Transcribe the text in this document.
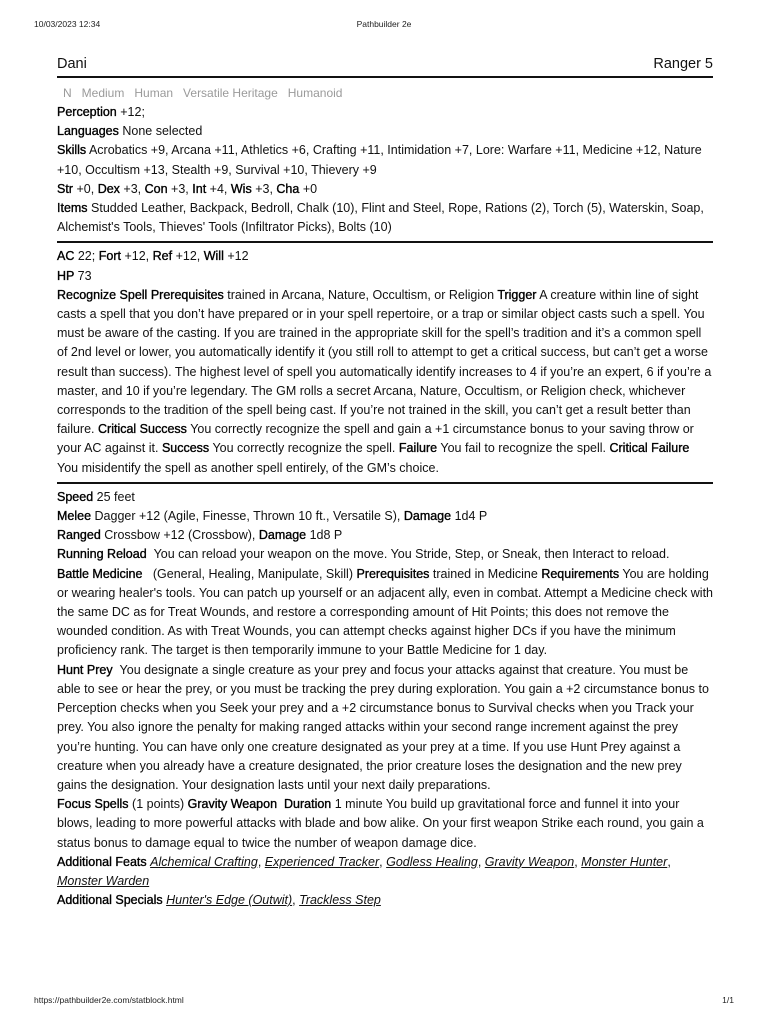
10/03/2023 12:34	Pathbuilder 2e
Dani	Ranger 5
N Medium Human Versatile Heritage Humanoid
Perception +12;
Languages None selected
Skills Acrobatics +9, Arcana +11, Athletics +6, Crafting +11, Intimidation +7, Lore: Warfare +11, Medicine +12, Nature +10, Occultism +13, Stealth +9, Survival +10, Thievery +9
Str +0, Dex +3, Con +3, Int +4, Wis +3, Cha +0
Items Studded Leather, Backpack, Bedroll, Chalk (10), Flint and Steel, Rope, Rations (2), Torch (5), Waterskin, Soap, Alchemist's Tools, Thieves' Tools (Infiltrator Picks), Bolts (10)
AC 22; Fort +12, Ref +12, Will +12
HP 73
Recognize Spell Prerequisites trained in Arcana, Nature, Occultism, or Religion Trigger A creature within line of sight casts a spell that you don’t have prepared or in your spell repertoire, or a trap or similar object casts such a spell. You must be aware of the casting. If you are trained in the appropriate skill for the spell’s tradition and it’s a common spell of 2nd level or lower, you automatically identify it (you still roll to attempt to get a critical success, but can’t get a worse result than success). The highest level of spell you automatically identify increases to 4 if you’re an expert, 6 if you’re a master, and 10 if you’re legendary. The GM rolls a secret Arcana, Nature, Occultism, or Religion check, whichever corresponds to the tradition of the spell being cast. If you’re not trained in the skill, you can’t get a result better than failure. Critical Success You correctly recognize the spell and gain a +1 circumstance bonus to your saving throw or your AC against it. Success You correctly recognize the spell. Failure You fail to recognize the spell. Critical Failure You misidentify the spell as another spell entirely, of the GM’s choice.
Speed 25 feet
Melee Dagger +12 (Agile, Finesse, Thrown 10 ft., Versatile S), Damage 1d4 P
Ranged Crossbow +12 (Crossbow), Damage 1d8 P
Running Reload You can reload your weapon on the move. You Stride, Step, or Sneak, then Interact to reload.
Battle Medicine (General, Healing, Manipulate, Skill) Prerequisites trained in Medicine Requirements You are holding or wearing healer's tools. You can patch up yourself or an adjacent ally, even in combat. Attempt a Medicine check with the same DC as for Treat Wounds, and restore a corresponding amount of Hit Points; this does not remove the wounded condition. As with Treat Wounds, you can attempt checks against higher DCs if you have the minimum proficiency rank. The target is then temporarily immune to your Battle Medicine for 1 day.
Hunt Prey You designate a single creature as your prey and focus your attacks against that creature. You must be able to see or hear the prey, or you must be tracking the prey during exploration. You gain a +2 circumstance bonus to Perception checks when you Seek your prey and a +2 circumstance bonus to Survival checks when you Track your prey. You also ignore the penalty for making ranged attacks within your second range increment against the prey you’re hunting. You can have only one creature designated as your prey at a time. If you use Hunt Prey against a creature when you already have a creature designated, the prior creature loses the designation and the new prey gains the designation. Your designation lasts until your next daily preparations.
Focus Spells (1 points) Gravity Weapon Duration 1 minute You build up gravitational force and funnel it into your blows, leading to more powerful attacks with blade and bow alike. On your first weapon Strike each round, you gain a status bonus to damage equal to twice the number of weapon damage dice.
Additional Feats Alchemical Crafting, Experienced Tracker, Godless Healing, Gravity Weapon, Monster Hunter, Monster Warden
Additional Specials Hunter's Edge (Outwit), Trackless Step
https://pathbuilder2e.com/statblock.html	1/1
